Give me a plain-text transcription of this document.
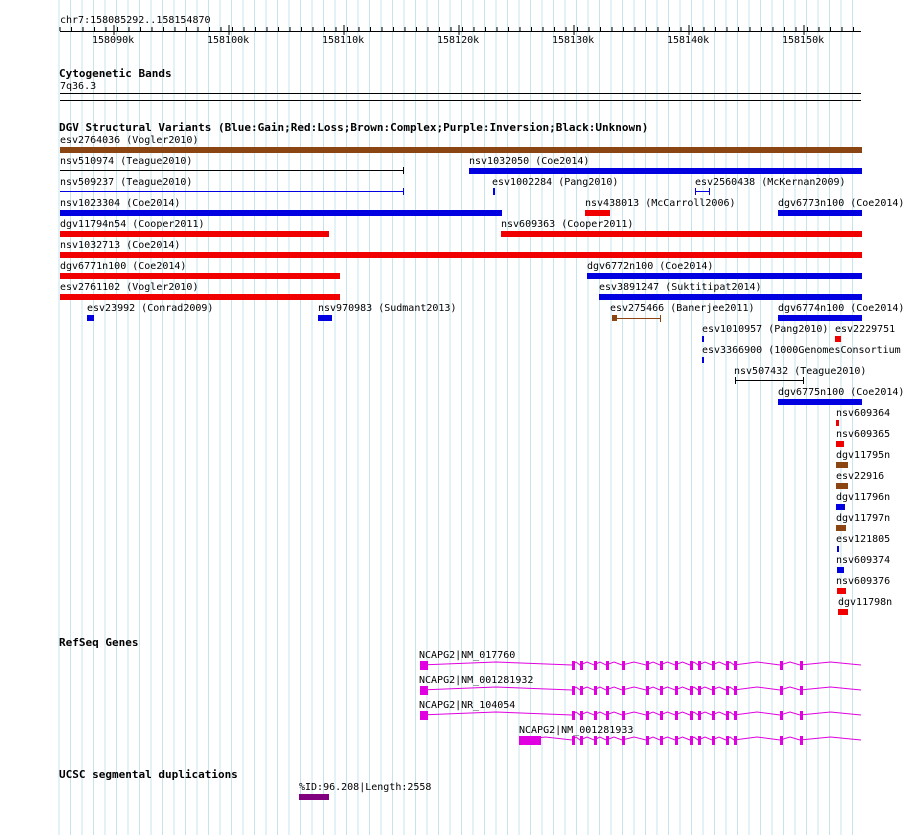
chr7:158085292..158154870
158090k	158100k	158110k	158120k	158130k	158140k	158150k
Cytogenetic Bands
7q36.3
DGV Structural Variants (Blue:Gain;Red:Loss;Brown:Complex;Purple:Inversion;Black:Unknown)
esv2764036 (Vogler2010)
nsv510974 (Teague2010)	nsv1032050 (Coe2014)
nsv509237 (Teague2010)	esv1002284 (Pang2010)	esv2560438 (McKernan2009)
nsv1023304 (Coe2014)	nsv438013 (McCarroll2006)	dgv6773n100 (Coe2014)
dgv11794n54 (Cooper2011)	nsv609363 (Cooper2011)
nsv1032713 (Coe2014)
dgv6771n100 (Coe2014)	dgv6772n100 (Coe2014)
esv2761102 (Vogler2010)	esv3891247 (Suktitipat2014)
esv23992 (Conrad2009)	nsv970983 (Sudmant2013)	esv275466 (Banerjee2011) dgv6774n100 (Coe2014)
esv1010957 (Pang2010) esv2229751
esv3366900 (1000GenomesConsortium
nsv507432 (Teague2010)
dgv6775n100 (Coe2014)
nsv609364
nsv609365
dgv11795n
esv22916
dgv11796n
dgv11797n
esv121805
nsv609374
nsv609376
dgv11798n
RefSeq Genes
NCAPG2|NM_017760
NCAPG2|NM_001281932
NCAPG2|NR_104054
NCAPG2|NM_001281933
UCSC segmental duplications
%ID:96.208|Length:2558
